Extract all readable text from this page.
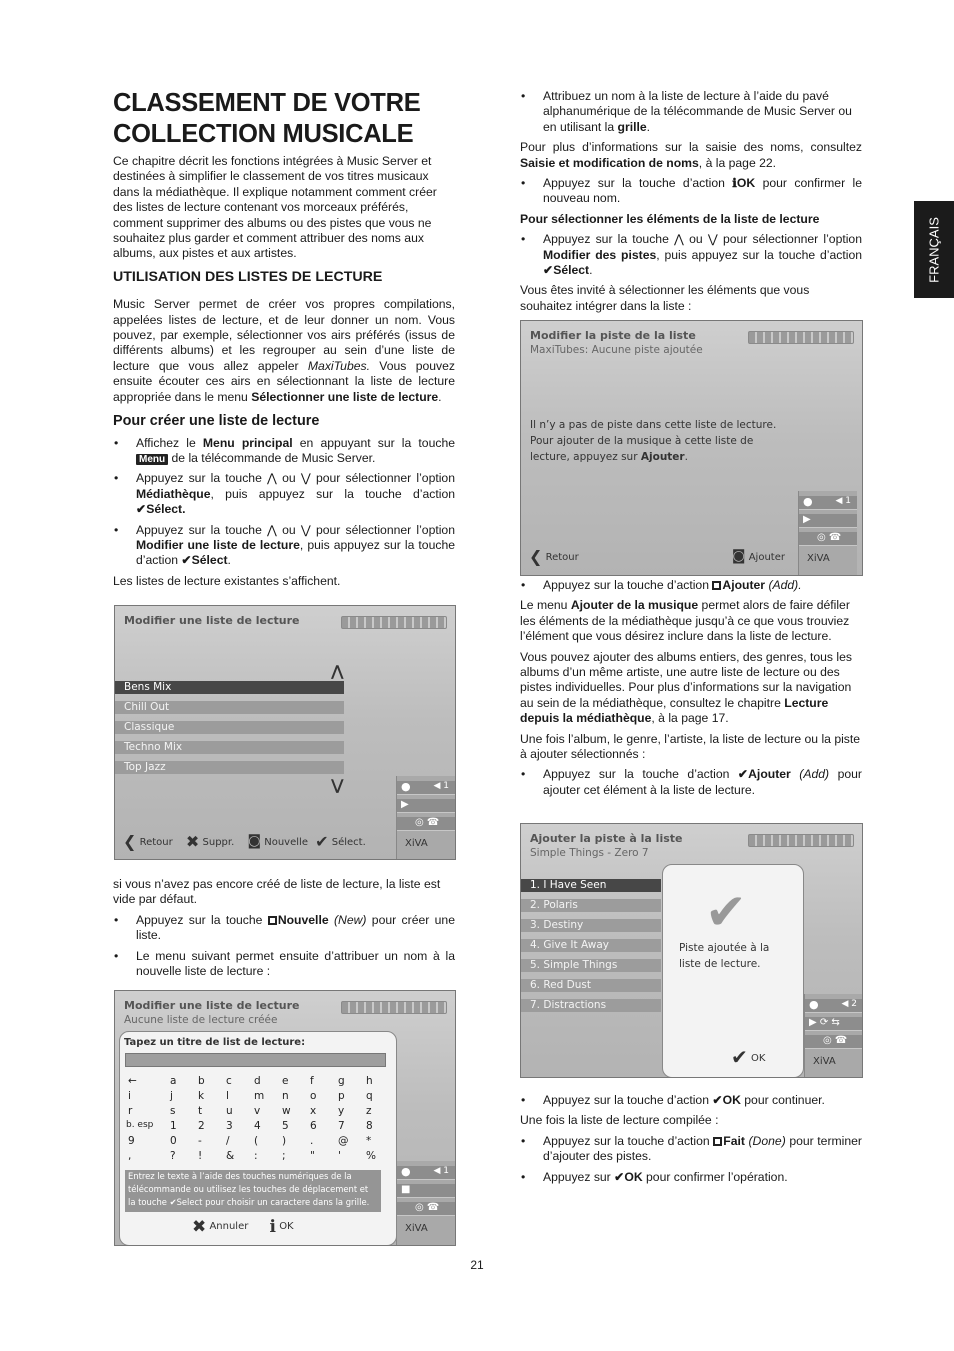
FRANÇAIS
CLASSEMENT DE VOTRE
COLLECTION MUSICALE

Ce chapitre décrit les fonctions intégrées à Music Server et destinées à simplifier le classement de vos titres musicaux dans la médiathèque. Il explique notamment comment créer des listes de lecture contenant vos morceaux préférés, comment supprimer des albums ou des pistes que vous ne souhaitez plus garder et comment attribuer des noms aux albums, aux pistes et aux artistes.

UTILISATION DES LISTES DE LECTURE

Music Server permet de créer vos propres compilations, appelées listes de lecture, et de leur donner un nom. Vous pouvez, par exemple, sélectionner vos airs préférés (issus de différents albums) et les regrouper au sein d’une liste de lecture que vous allez appeler MaxiTubes. Vous pouvez ensuite écouter ces airs en sélectionnant la liste de lecture appropriée dans le menu Sélectionner une liste de lecture.

Pour créer une liste de lecture
• Affichez le Menu principal en appuyant sur la touche Menu de la télécommande de Music Server.
• Appuyez sur la touche ⋀ ou ⋁ pour sélectionner l’option Médiathèque, puis appuyez sur la touche d’action ✔Sélect.
• Appuyez sur la touche ⋀ ou ⋁ pour sélectionner l’option Modifier une liste de lecture, puis appuyez sur la touche d’action ✔Sélect.

Les listes de lecture existantes s’affichent.

si vous n’avez pas encore créé de liste de lecture, la liste est vide par défaut.

• Appuyez sur la touche Nouvelle (New) pour créer une liste.
• Le menu suivant permet ensuite d’attribuer un nom à la nouvelle liste de lecture :
Modifier une liste de lecture
⋀
Bens Mix
Chill Out
Classique
Techno Mix
Top Jazz
⋁	●	◀ 1
▶
◎ ☎
XiVA
❮ Retour ✖ Suppr. ◙ Nouvelle ✔ Sélect.
Modifier une liste de lecture
Aucune liste de lecture créée
Tapez un titre de list de lecture:
←	a b c d e f g h
i	j k l m n o p q
r	s t u v w x y z
b. esp 1 2 3 4 5 6 7 8
9	0 - / ( ) . @ *
,	? ! & : ; " ' %
Entrez le texte à l’aide des touches numériques de la télécommande ou utilisez les touches de déplacement et la touche ✔Select pour choisir un caractere dans la grille.
✖ Annuler ℹ OK
●	◀ 1
■
◎ ☎
XiVA
• Attribuez un nom à la liste de lecture à l’aide du pavé alphanumérique de la télécommande de Music Server ou en utilisant la grille.

Pour plus d’informations sur la saisie des noms, consultez Saisie et modification de noms, à la page 22.

• Appuyez sur la touche d’action ℹOK pour confirmer le nouveau nom.

Pour sélectionner les éléments de la liste de lecture

• Appuyez sur la touche ⋀ ou ⋁ pour sélectionner l’option Modifier des pistes, puis appuyez sur la touche d’action ✔Sélect.

Vous êtes invité à sélectionner les éléments que vous souhaitez intégrer dans la liste :

• Appuyez sur la touche d’action Ajouter (Add).

Le menu Ajouter de la musique permet alors de faire défiler les éléments de la médiathèque jusqu’à ce que vous trouviez l’élément que vous désirez inclure dans la liste de lecture.

Vous pouvez ajouter des albums entiers, des genres, tous les albums d’un même artiste, une autre liste de lecture ou des pistes individuelles. Pour plus d’informations sur la navigation au sein de la médiathèque, consultez le chapitre Lecture depuis la médiathèque, à la page 17.

Une fois l’album, le genre, l’artiste, la liste de lecture ou la piste à ajouter sélectionnés :

• Appuyez sur la touche d’action ✔Ajouter (Add) pour ajouter cet élément à la liste de lecture.
• Appuyez sur la touche d’action ✔OK pour continuer.

Une fois la liste de lecture compilée :

• Appuyez sur la touche d’action Fait (Done) pour terminer d’ajouter des pistes.
• Appuyez sur ✔OK pour confirmer l’opération.
Modifier la piste de la liste
MaxiTubes: Aucune piste ajoutée
Il n’y a pas de piste dans cette liste de lecture.
Pour ajouter de la musique à cette liste de
lecture, appuyez sur Ajouter.
●	◀ 1
▶
◎ ☎
XiVA
❮ Retour	◙ Ajouter
Ajouter la piste à la liste
Simple Things - Zero 7
1. I Have Seen
2. Polaris
3. Destiny
4. Give It Away
5. Simple Things
6. Red Dust
7. Distractions
✔
Piste ajoutée à la
liste de lecture.
✔ OK
●	◀ 2
▶ ⟳ ⇆
◎ ☎
XiVA
21
